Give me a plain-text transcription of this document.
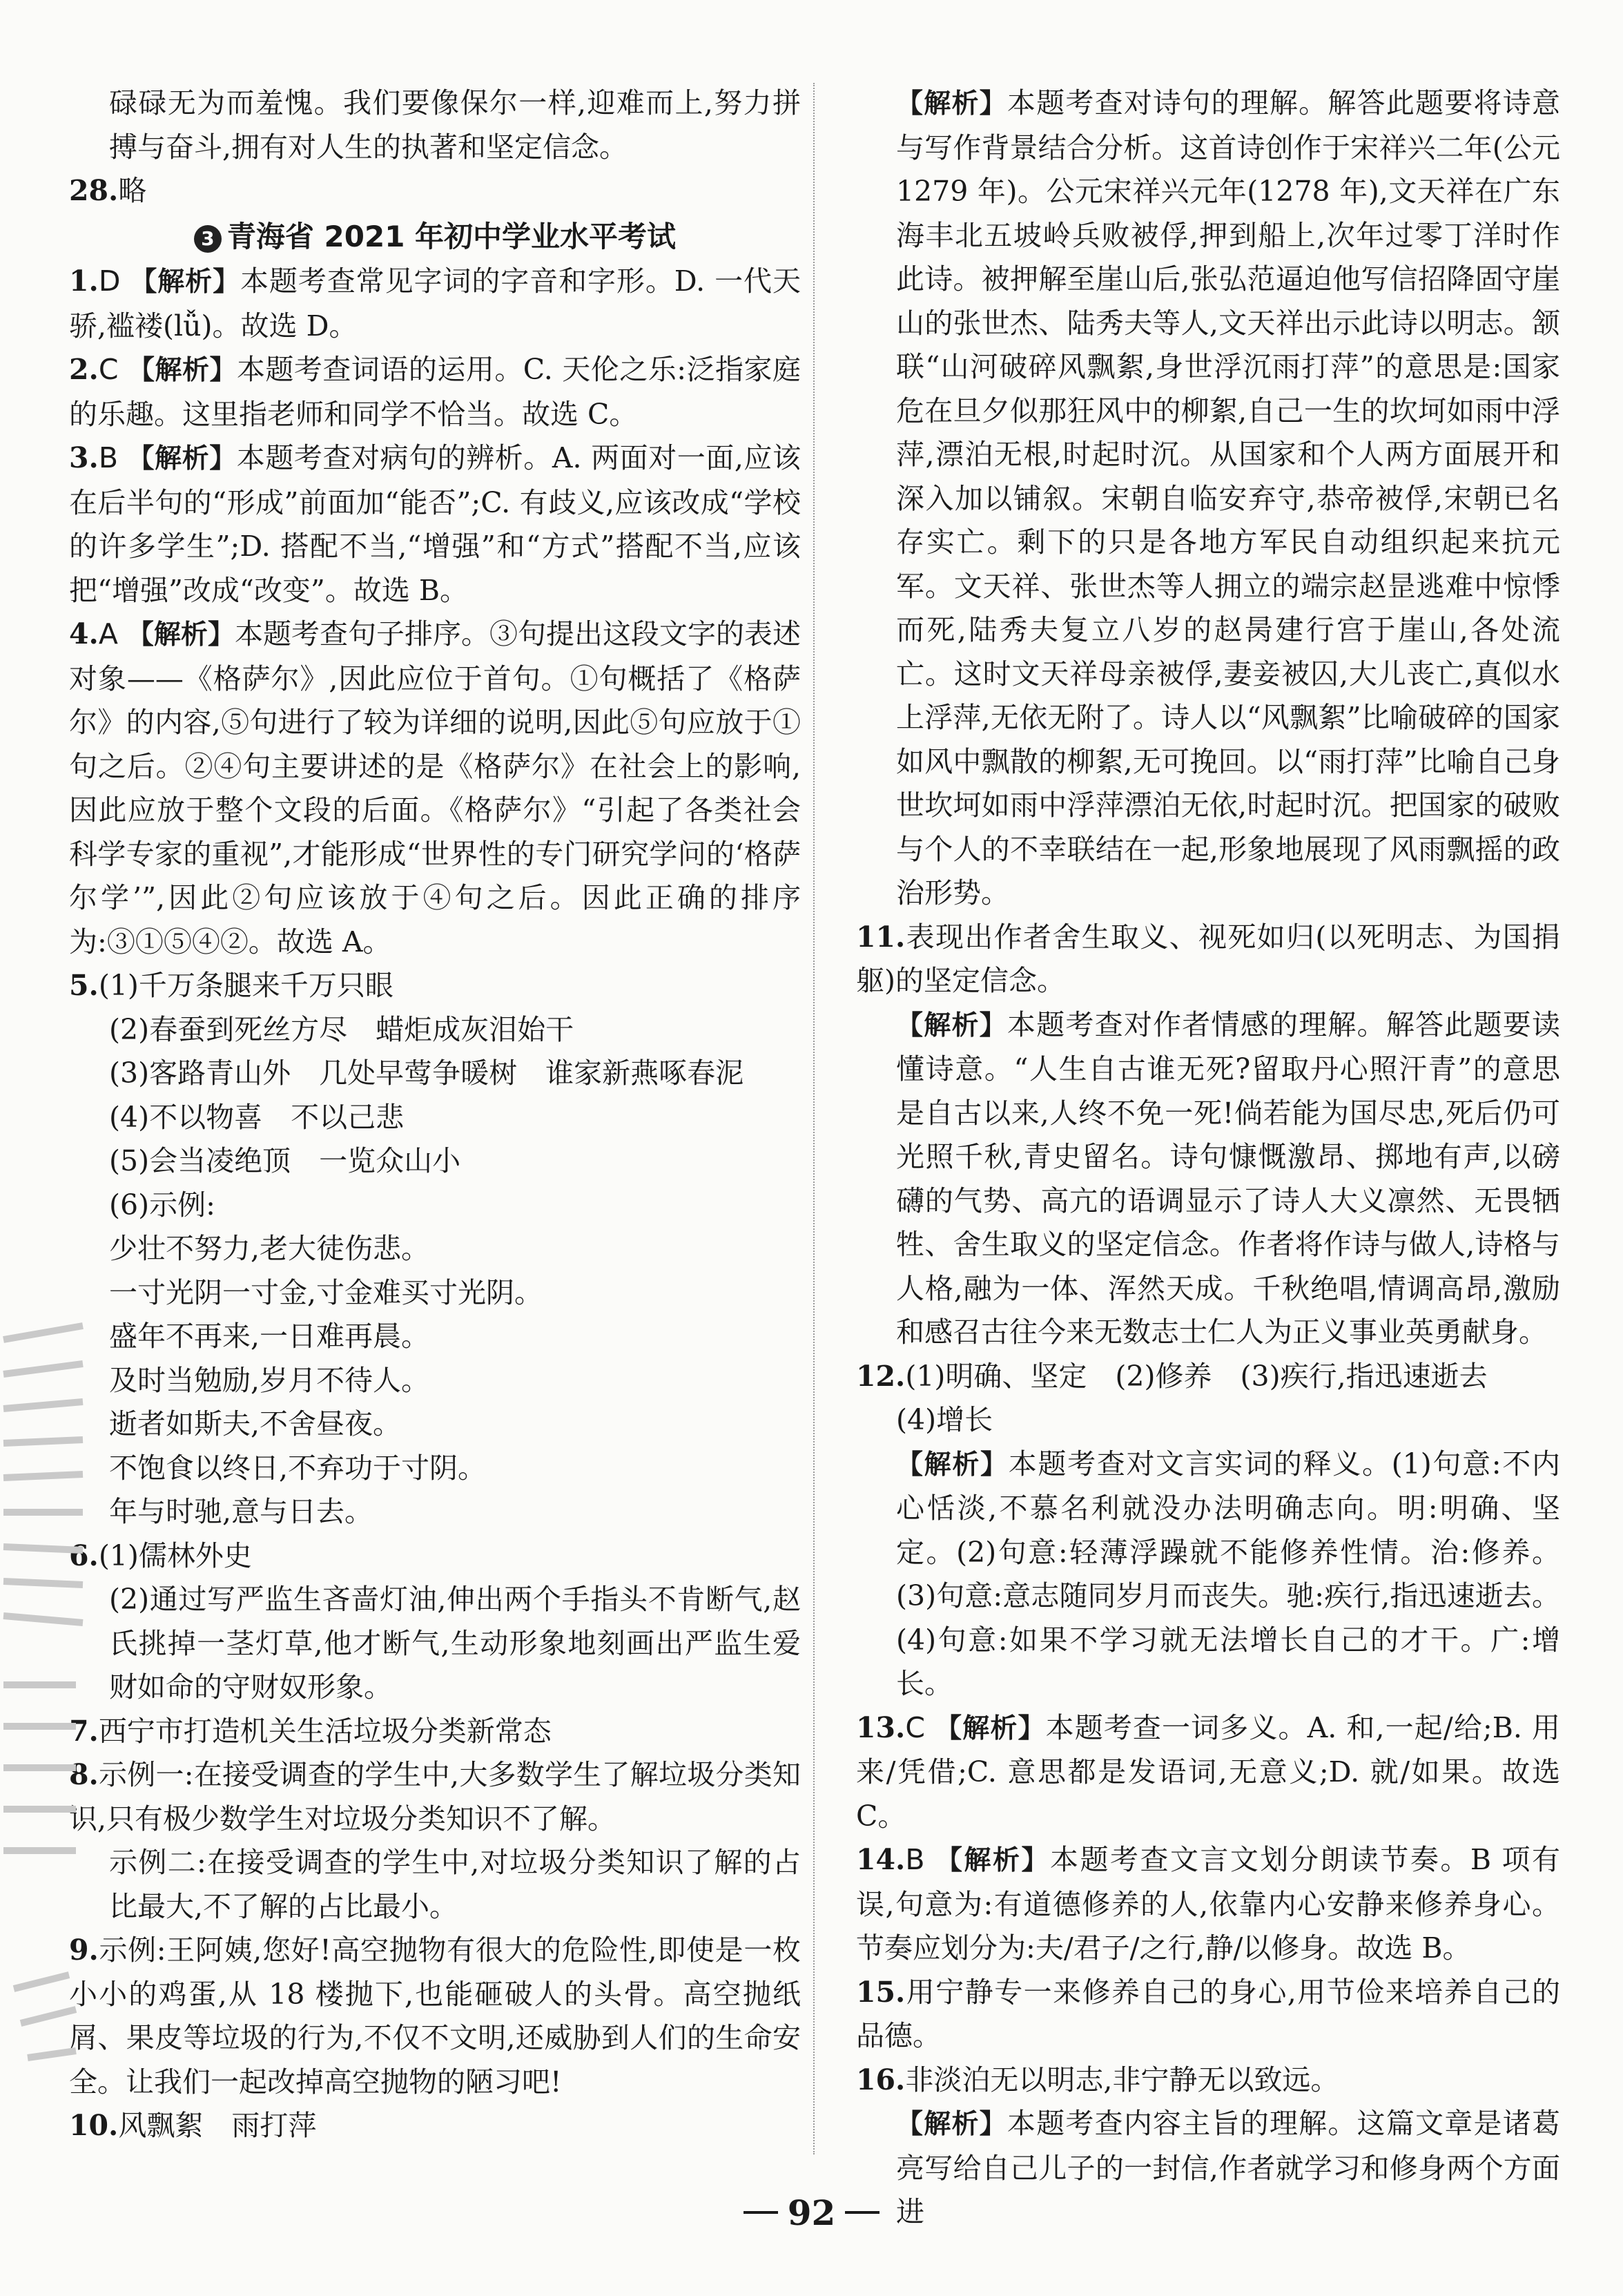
碌碌无为而羞愧。我们要像保尔一样,迎难而上,努力拼搏与奋斗,拥有对人生的执著和坚定信念。

28.略

3 青海省 2021 年初中学业水平考试

1.D 【解析】本题考查常见字词的字音和字形。D. 一代天骄,褴褛(lǚ)。故选 D。

2.C 【解析】本题考查词语的运用。C. 天伦之乐:泛指家庭的乐趣。这里指老师和同学不恰当。故选 C。

3.B 【解析】本题考查对病句的辨析。A. 两面对一面,应该在后半句的“形成”前面加“能否”;C. 有歧义,应该改成“学校的许多学生”;D. 搭配不当,“增强”和“方式”搭配不当,应该把“增强”改成“改变”。故选 B。

4.A 【解析】本题考查句子排序。③句提出这段文字的表述对象——《格萨尔》,因此应位于首句。①句概括了《格萨尔》的内容,⑤句进行了较为详细的说明,因此⑤句应放于①句之后。②④句主要讲述的是《格萨尔》在社会上的影响,因此应放于整个文段的后面。《格萨尔》“引起了各类社会科学专家的重视”,才能形成“世界性的专门研究学问的‘格萨尔学’”,因此②句应该放于④句之后。因此正确的排序为:③①⑤④②。故选 A。

5.(1)千万条腿来千万只眼

(2)春蚕到死丝方尽　蜡炬成灰泪始干

(3)客路青山外　几处早莺争暖树　谁家新燕啄春泥

(4)不以物喜　不以己悲

(5)会当凌绝顶　一览众山小

(6)示例:

少壮不努力,老大徒伤悲。

一寸光阴一寸金,寸金难买寸光阴。

盛年不再来,一日难再晨。

及时当勉励,岁月不待人。

逝者如斯夫,不舍昼夜。

不饱食以终日,不弃功于寸阴。

年与时驰,意与日去。

6.(1)儒林外史

(2)通过写严监生吝啬灯油,伸出两个手指头不肯断气,赵氏挑掉一茎灯草,他才断气,生动形象地刻画出严监生爱财如命的守财奴形象。

7.西宁市打造机关生活垃圾分类新常态

8.示例一:在接受调查的学生中,大多数学生了解垃圾分类知识,只有极少数学生对垃圾分类知识不了解。

示例二:在接受调查的学生中,对垃圾分类知识了解的占比最大,不了解的占比最小。

9.示例:王阿姨,您好!高空抛物有很大的危险性,即使是一枚小小的鸡蛋,从 18 楼抛下,也能砸破人的头骨。高空抛纸屑、果皮等垃圾的行为,不仅不文明,还威胁到人们的生命安全。让我们一起改掉高空抛物的陋习吧!

10.风飘絮　雨打萍

【解析】本题考查对诗句的理解。解答此题要将诗意与写作背景结合分析。这首诗创作于宋祥兴二年(公元1279 年)。公元宋祥兴元年(1278 年),文天祥在广东海丰北五坡岭兵败被俘,押到船上,次年过零丁洋时作此诗。被押解至崖山后,张弘范逼迫他写信招降固守崖山的张世杰、陆秀夫等人,文天祥出示此诗以明志。颔联“山河破碎风飘絮,身世浮沉雨打萍”的意思是:国家危在旦夕似那狂风中的柳絮,自己一生的坎坷如雨中浮萍,漂泊无根,时起时沉。从国家和个人两方面展开和深入加以铺叙。宋朝自临安弃守,恭帝被俘,宋朝已名存实亡。剩下的只是各地方军民自动组织起来抗元军。文天祥、张世杰等人拥立的端宗赵昰逃难中惊悸而死,陆秀夫复立八岁的赵昺建行宫于崖山,各处流亡。这时文天祥母亲被俘,妻妾被囚,大儿丧亡,真似水上浮萍,无依无附了。诗人以“风飘絮”比喻破碎的国家如风中飘散的柳絮,无可挽回。以“雨打萍”比喻自己身世坎坷如雨中浮萍漂泊无依,时起时沉。把国家的破败与个人的不幸联结在一起,形象地展现了风雨飘摇的政治形势。

11.表现出作者舍生取义、视死如归(以死明志、为国捐躯)的坚定信念。

【解析】本题考查对作者情感的理解。解答此题要读懂诗意。“人生自古谁无死?留取丹心照汗青”的意思是自古以来,人终不免一死!倘若能为国尽忠,死后仍可光照千秋,青史留名。诗句慷慨激昂、掷地有声,以磅礴的气势、高亢的语调显示了诗人大义凛然、无畏牺牲、舍生取义的坚定信念。作者将作诗与做人,诗格与人格,融为一体、浑然天成。千秋绝唱,情调高昂,激励和感召古往今来无数志士仁人为正义事业英勇献身。

12.(1)明确、坚定　(2)修养　(3)疾行,指迅速逝去

(4)增长

【解析】本题考查对文言实词的释义。(1)句意:不内心恬淡,不慕名利就没办法明确志向。明:明确、坚定。(2)句意:轻薄浮躁就不能修养性情。治:修养。(3)句意:意志随同岁月而丧失。驰:疾行,指迅速逝去。(4)句意:如果不学习就无法增长自己的才干。广:增长。

13.C 【解析】本题考查一词多义。A. 和,一起/给;B. 用来/凭借;C. 意思都是发语词,无意义;D. 就/如果。故选 C。

14.B 【解析】本题考查文言文划分朗读节奏。B 项有误,句意为:有道德修养的人,依靠内心安静来修养身心。节奏应划分为:夫/君子/之行,静/以修身。故选 B。

15.用宁静专一来修养自己的身心,用节俭来培养自己的品德。

16.非淡泊无以明志,非宁静无以致远。

【解析】本题考查内容主旨的理解。这篇文章是诸葛亮写给自己儿子的一封信,作者就学习和修身两个方面进

92
